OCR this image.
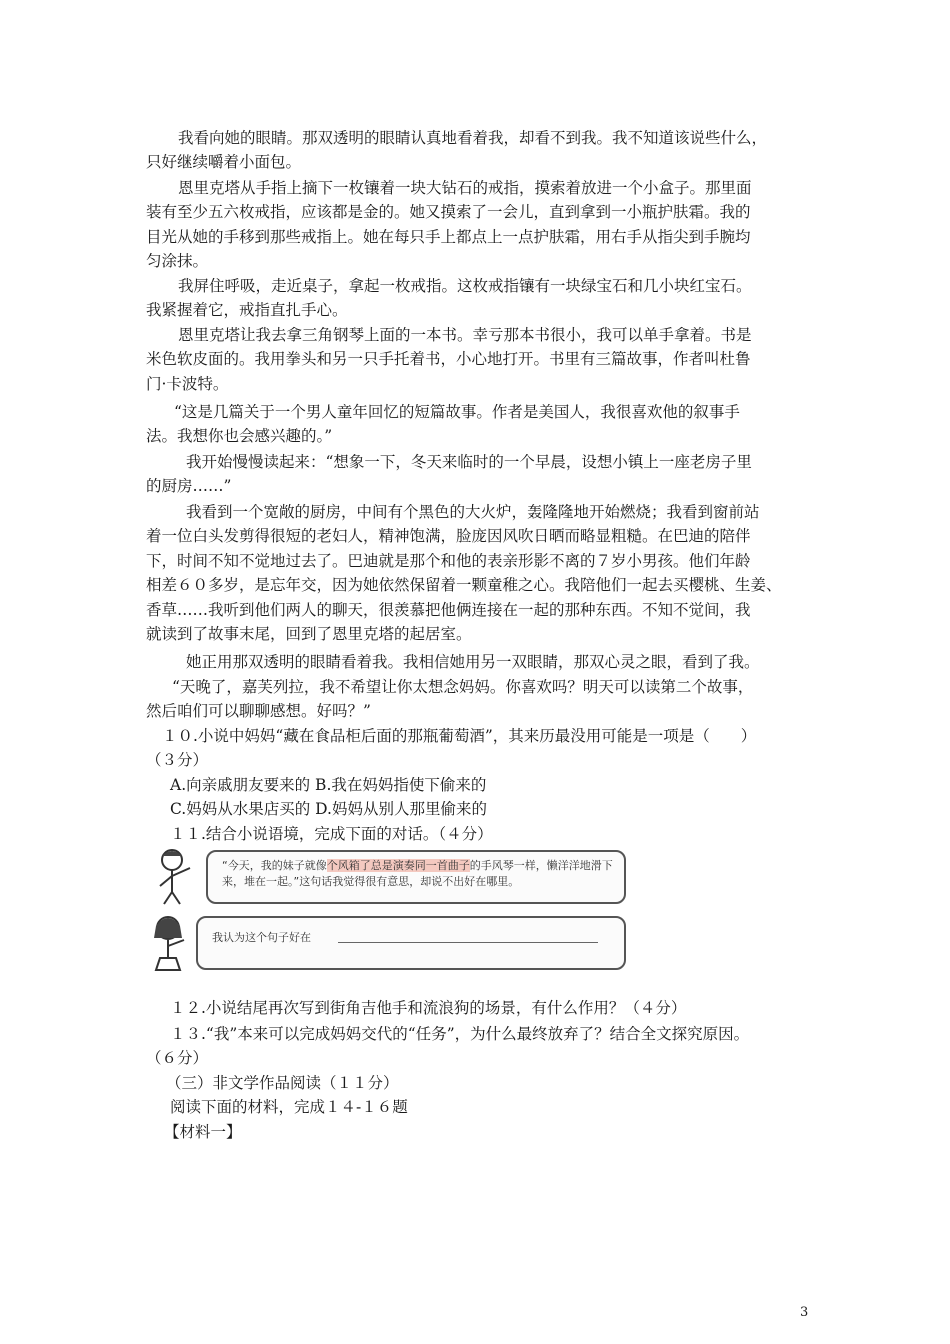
我看向她的眼睛。那双透明的眼睛认真地看着我，却看不到我。我不知道该说些什么，
只好继续嚼着小面包。
恩里克塔从手指上摘下一枚镶着一块大钻石的戒指，摸索着放进一个小盒子。那里面
装有至少五六枚戒指，应该都是金的。她又摸索了一会儿，直到拿到一小瓶护肤霜。我的
目光从她的手移到那些戒指上。她在每只手上都点上一点护肤霜，用右手从指尖到手腕均
匀涂抹。
我屏住呼吸，走近桌子，拿起一枚戒指。这枚戒指镶有一块绿宝石和几小块红宝石。
我紧握着它，戒指直扎手心。
恩里克塔让我去拿三角钢琴上面的一本书。幸亏那本书很小，我可以单手拿着。书是
米色软皮面的。我用拳头和另一只手托着书，小心地打开。书里有三篇故事，作者叫杜鲁
门·卡波特。
“这是几篇关于一个男人童年回忆的短篇故事。作者是美国人，我很喜欢他的叙事手
法。我想你也会感兴趣的。”
我开始慢慢读起来：“想象一下，冬天来临时的一个早晨，设想小镇上一座老房子里
的厨房……”
我看到一个宽敞的厨房，中间有个黑色的大火炉，轰隆隆地开始燃烧；我看到窗前站
着一位白头发剪得很短的老妇人，精神饱满，脸庞因风吹日晒而略显粗糙。在巴迪的陪伴
下，时间不知不觉地过去了。巴迪就是那个和他的表亲形影不离的７岁小男孩。他们年龄
相差６０多岁，是忘年交，因为她依然保留着一颗童稚之心。我陪他们一起去买樱桃、生姜、
香草……我听到他们两人的聊天，很羡慕把他俩连接在一起的那种东西。不知不觉间，我
就读到了故事末尾，回到了恩里克塔的起居室。
她正用那双透明的眼睛看着我。我相信她用另一双眼睛，那双心灵之眼，看到了我。
“天晚了，嘉芙列拉，我不希望让你太想念妈妈。你喜欢吗？明天可以读第二个故事，
然后咱们可以聊聊感想。好吗？”
１０.小说中妈妈“藏在食品柜后面的那瓶葡萄酒”，其来历最没用可能是一项是（　　）
（３分）
A.向亲戚朋友要来的 B.我在妈妈指使下偷来的
C.妈妈从水果店买的 D.妈妈从别人那里偷来的
１１.结合小说语境，完成下面的对话。（４分）
“今天，我的妹子就像个风箱了总是演奏同一首曲子的手风琴一样，懒洋洋地滑下来，堆在一起。”这句话我觉得很有意思，却说不出好在哪里。
我认为这个句子好在
１２.小说结尾再次写到街角吉他手和流浪狗的场景，有什么作用？（４分）
１３.“我”本来可以完成妈妈交代的“任务”，为什么最终放弃了？结合全文探究原因。
（６分）
（三）非文学作品阅读（１１分）
阅读下面的材料，完成１４-１６题
【材料一】
3
